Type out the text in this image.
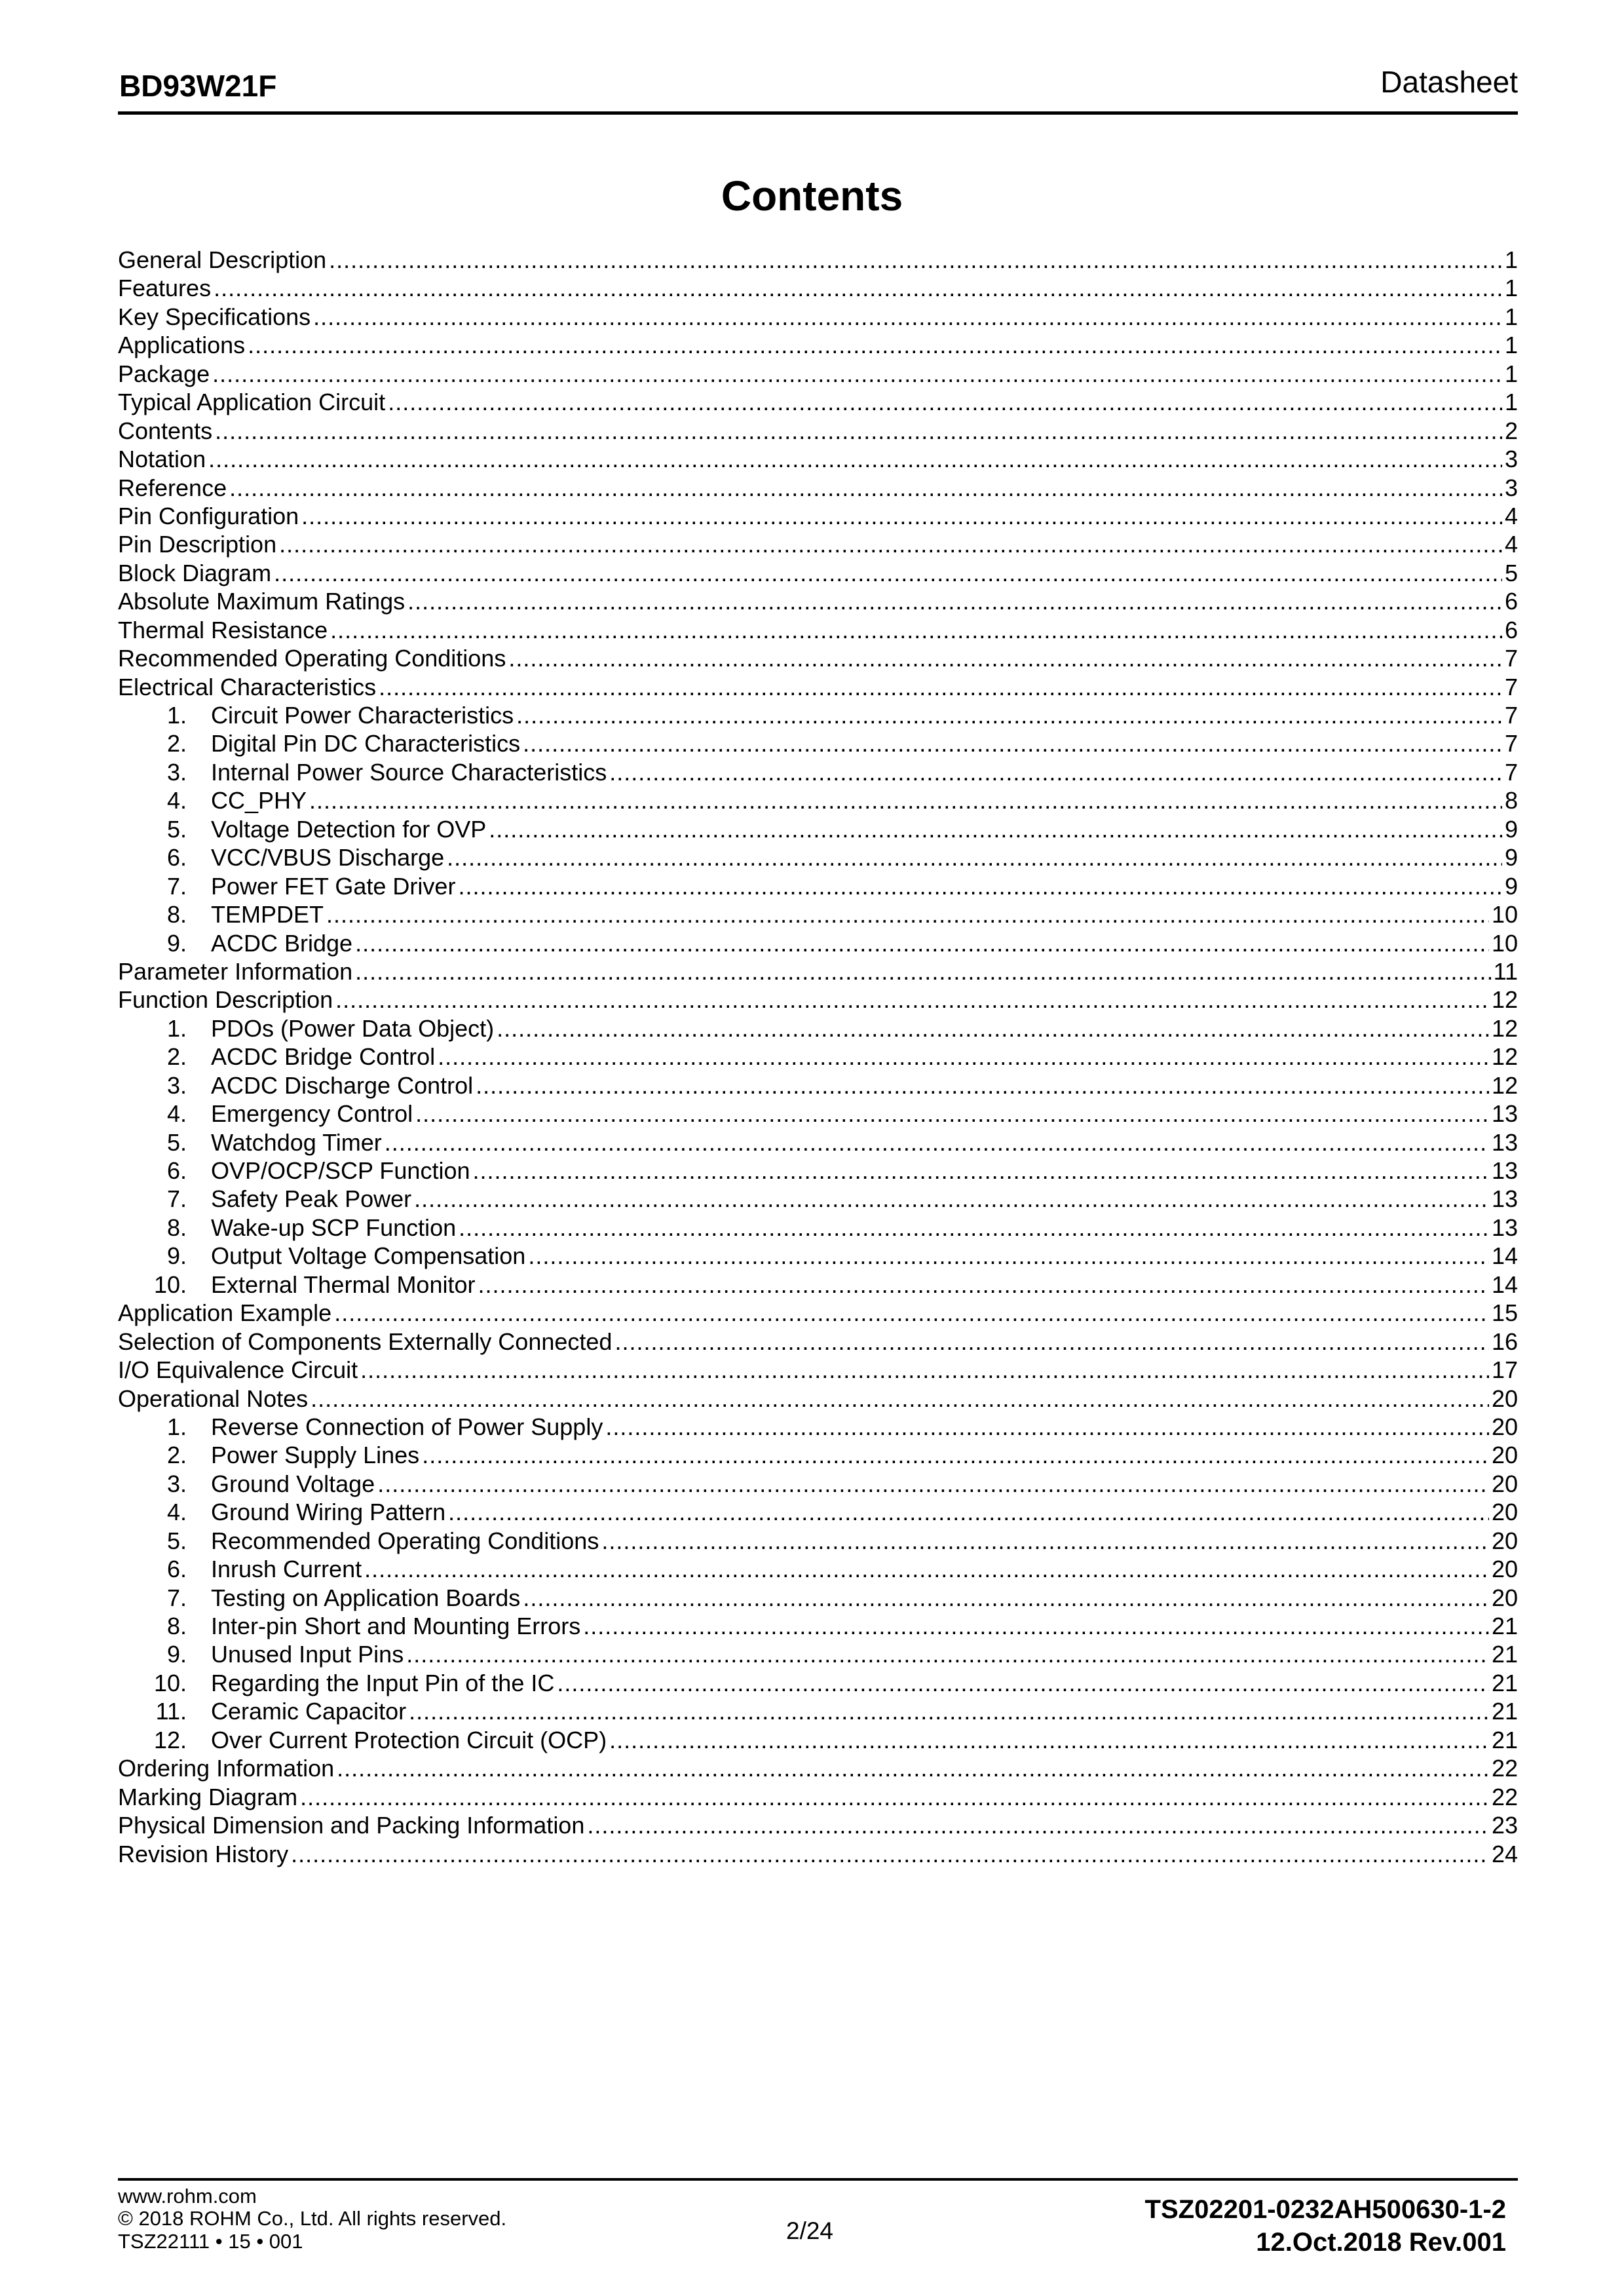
BD93W21F	Datasheet
Contents
General Description .....	1
Features .....	1
Key Specifications .....	1
Applications .....	1
Package .....	1
Typical Application Circuit .....	1
Contents .....	2
Notation .....	3
Reference .....	3
Pin Configuration .....	4
Pin Description .....	4
Block Diagram .....	5
Absolute Maximum Ratings .....	6
Thermal Resistance .....	6
Recommended Operating Conditions .....	7
Electrical Characteristics .....	7
1.	Circuit Power Characteristics .....	7
2.	Digital Pin DC Characteristics .....	7
3.	Internal Power Source Characteristics .....	7
4.	CC_PHY .....	8
5.	Voltage Detection for OVP .....	9
6.	VCC/VBUS Discharge .....	9
7.	Power FET Gate Driver .....	9
8.	TEMPDET .....	10
9.	ACDC Bridge .....	10
Parameter Information .....	11
Function Description .....	12
1.	PDOs (Power Data Object) .....	12
2.	ACDC Bridge Control .....	12
3.	ACDC Discharge Control .....	12
4.	Emergency Control .....	13
5.	Watchdog Timer .....	13
6.	OVP/OCP/SCP Function .....	13
7.	Safety Peak Power .....	13
8.	Wake-up SCP Function .....	13
9.	Output Voltage Compensation .....	14
10.	External Thermal Monitor .....	14
Application Example .....	15
Selection of Components Externally Connected .....	16
I/O Equivalence Circuit .....	17
Operational Notes .....	20
1.	Reverse Connection of Power Supply .....	20
2.	Power Supply Lines .....	20
3.	Ground Voltage .....	20
4.	Ground Wiring Pattern .....	20
5.	Recommended Operating Conditions .....	20
6.	Inrush Current .....	20
7.	Testing on Application Boards .....	20
8.	Inter-pin Short and Mounting Errors .....	21
9.	Unused Input Pins .....	21
10.	Regarding the Input Pin of the IC .....	21
11.	Ceramic Capacitor .....	21
12.	Over Current Protection Circuit (OCP) .....	21
Ordering Information .....	22
Marking Diagram .....	22
Physical Dimension and Packing Information .....	23
Revision History .....	24
www.rohm.com
© 2018 ROHM Co., Ltd. All rights reserved.
TSZ22111 • 15 • 001	2/24
TSZ02201-0232AH500630-1-2
12.Oct.2018 Rev.001
